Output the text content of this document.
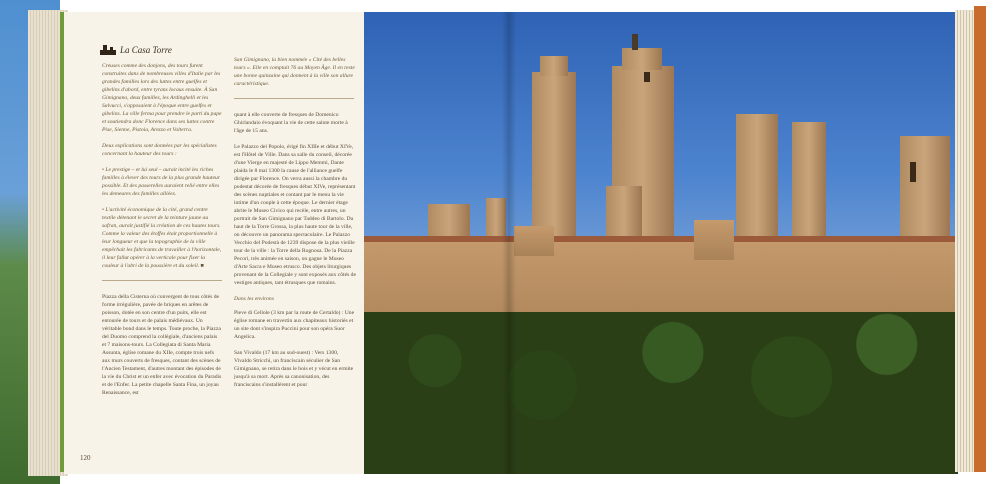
La Casa Torre

Creuses comme des donjons, des tours furent construites dans de nombreuses villes d'Italie par les grandes familles lors des luttes entre guelfes et gibelins d'abord, entre tyrans locaux ensuite. À San Gimignano, deux familles, les Ardinghelli et les Salvucci, s'opposaient à l'époque entre guelfes et gibelins. La ville ferma pour prendre le parti du pape et soutiendra donc Florence dans ses luttes contre Pise, Sienne, Pistoia, Arezzo et Volterra.

Deux explications sont données par les spécialistes concernant la hauteur des tours :

• Le prestige – et lui seul – aurait incité les riches familles à élever des tours de la plus grande hauteur possible. Et des passerelles auraient relié entre elles les demeures des familles alliées.

• L'activité économique de la cité, grand centre textile détenant le secret de la teinture jaune au safran, aurait justifié la création de ces hautes tours. Comme la valeur des étoffes était proportionnelle à leur longueur et que la topographie de la ville empêchait les fabricants de travailler à l'horizontale, il leur fallut opérer à la verticale pour fixer la couleur à l'abri de la poussière et du soleil. ■

Piazza della Cisterna où convergent de tous côtés de forme irrégulière, pavée de briques en arêtes de poisson, dotée en son centre d'un puits, elle est entourée de tours et de palais médiévaux. Un véritable bond dans le temps. Toute proche, la Piazza del Duomo comprend la collégiale, d'anciens palais et 7 maisons-tours. La Collegiata di Santa Maria Assunta, église romane du XIIe, compte trois nefs aux murs couverts de fresques, contant des scènes de l'Ancien Testament, d'autres montant des épisodes de la vie du Christ et un enfer avec évocation du Paradis et de l'Enfer. La petite chapelle Santa Fina, un joyau Renaissance, est

San Gimignano, la bien nommée « Cité des belles tours ». Elle en comptait 76 au Moyen Âge. Il en reste une bonne quinzaine qui donnent à la ville son allure caractéristique.

quant à elle couverte de fresques de Domenico Ghirlandaio évoquant la vie de cette sainte morte à l'âge de 15 ans.

Le Palazzo del Popolo, érigé fin XIIIe et début XIVe, est l'Hôtel de Ville. Dans sa salle du conseil, décorée d'une Vierge en majesté de Lippo Memmi, Dante plaida le 8 mai 1300 la cause de l'alliance guelfe dirigée par Florence. On verra aussi la chambre du podestat décorée de fresques début XIVe, représentant des scènes nuptiales et contant par le menu la vie intime d'un couple à cette époque. Le dernier étage abrite le Museo Civico qui recèle, entre autres, un portrait de San Gimignano par Taddeo di Bartolo. Du haut de la Torre Grossa, la plus haute tour de la ville, on découvre un panorama spectaculaire. Le Palazzo Vecchio del Podestà de 1239 dispose de la plus vieille tour de la ville : la Torre della Rognosa. De la Piazza Pecori, très animée en saison, on gagne le Museo d'Arte Sacra e Museo etrusco. Des objets liturgiques provenant de la Collegiale y sont exposés aux côtés de vestiges antiques, tant étrusques que romains.

Dans les environs

Pieve di Cellole (3 km par la route de Certaldo) : Une église romane en travertin aux chapiteaux historiés et un site dont s'inspira Puccini pour son opéra Suor Angelica.

San Vivaldo (17 km au sud-ouest) : Vers 1300, Vivaldo Stricchi, un franciscain séculier de San Gimignano, se retira dans le bois et y vécut en ermite jusqu'à sa mort. Après sa canonisation, des franciscains s'installèrent et pour

120
